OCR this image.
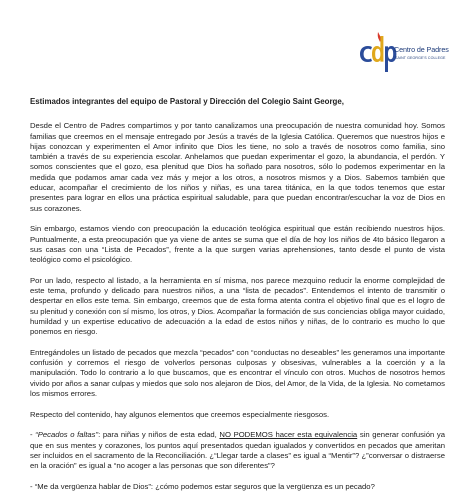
Centro de Padres
SAINT GEORGE'S COLLEGE

Estimados integrantes del equipo de Pastoral y Dirección del Colegio Saint George,

Desde el Centro de Padres compartimos y por tanto canalizamos una preocupación de nuestra comunidad hoy. Somos familias que creemos en el mensaje entregado por Jesús a través de la Iglesia Católica. Queremos que nuestros hijos e hijas conozcan y experimenten el Amor infinito que Dios les tiene, no solo a través de nosotros como familia, sino también a través de su experiencia escolar. Anhelamos que puedan experimentar el gozo, la abundancia, el perdón. Y somos conscientes que el gozo, esa plenitud que Dios ha soñado para nosotros, sólo lo podemos experimentar en la medida que podamos amar cada vez más y mejor a los otros, a nosotros mismos y a Dios. Sabemos también que educar, acompañar el crecimiento de los niños y niñas, es una tarea titánica, en la que todos tenemos que estar presentes para lograr en ellos una práctica espiritual saludable, para que puedan encontrar/escuchar la voz de Dios en sus corazones.

Sin embargo, estamos viendo con preocupación la educación teológica espiritual que están recibiendo nuestros hijos. Puntualmente, a esta preocupación que ya viene de antes se suma que el día de hoy los niños de 4to básico llegaron a sus casas con una “Lista de Pecados”, frente a la que surgen varias aprehensiones, tanto desde el punto de vista teológico como el psicológico.

Por un lado, respecto al listado, a la herramienta en sí misma, nos parece mezquino reducir la enorme complejidad de este tema, profundo y delicado para nuestros niños, a una “lista de pecados”. Entendemos el intento de transmitir o despertar en ellos este tema. Sin embargo, creemos que de esta forma atenta contra el objetivo final que es el logro de su plenitud y conexión con sí mismo, los otros, y Dios. Acompañar la formación de sus conciencias obliga mayor cuidado, humildad y un expertise educativo de adecuación a la edad de estos niños y niñas, de lo contrario es mucho lo que ponemos en riesgo.

Entregándoles un listado de pecados que mezcla “pecados” con “conductas no deseables” les generamos una importante confusión y corremos el riesgo de volverlos personas culposas y obsesivas, vulnerables a la coerción y a la manipulación. Todo lo contrario a lo que buscamos, que es encontrar el vínculo con otros. Muchos de nosotros hemos vivido por años a sanar culpas y miedos que solo nos alejaron de Dios, del Amor, de la Vida, de la Iglesia. No cometamos los mismos errores.

Respecto del contenido, hay algunos elementos que creemos especialmente riesgosos.

- “Pecados o faltas”: para niñas y niños de esta edad, NO PODEMOS hacer esta equivalencia sin generar confusión ya que en sus mentes y corazones, los puntos aquí presentados quedan igualados y convertidos en pecados que ameritan ser incluidos en el sacramento de la Reconciliación. ¿“Llegar tarde a clases” es igual a “Mentir”? ¿”conversar o distraerse en la oración” es igual a “no acoger a las personas que son diferentes”?

- “Me da vergüenza hablar de Dios”: ¿cómo podemos estar seguros que la vergüenza es un pecado?
